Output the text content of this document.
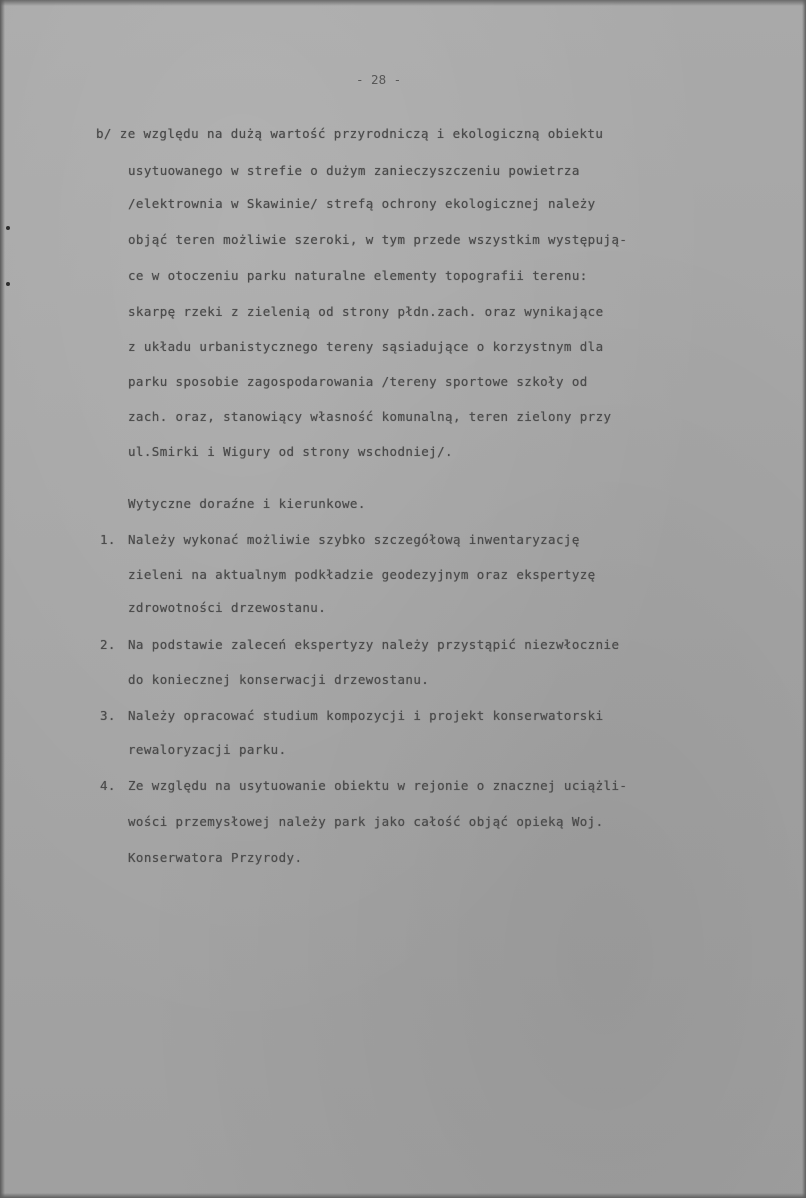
- 28 -
b/ ze względu na dużą wartość przyrodniczą i ekologiczną obiektu
usytuowanego w strefie o dużym zanieczyszczeniu powietrza
/elektrownia w Skawinie/ strefą ochrony ekologicznej należy
objąć teren możliwie szeroki, w tym przede wszystkim występują-
ce w otoczeniu parku naturalne elementy topografii terenu:
skarpę rzeki z zielenią od strony płdn.zach. oraz wynikające
z układu urbanistycznego tereny sąsiadujące o korzystnym dla
parku sposobie zagospodarowania /tereny sportowe szkoły od
zach. oraz, stanowiący własność komunalną, teren zielony przy
ul.Smirki i Wigury od strony wschodniej/.
Wytyczne doraźne i kierunkowe.
1. Należy wykonać możliwie szybko szczegółową inwentaryzację
zieleni na aktualnym podkładzie geodezyjnym oraz ekspertyzę
zdrowotności drzewostanu.
2. Na podstawie zaleceń ekspertyzy należy przystąpić niezwłocznie
do koniecznej konserwacji drzewostanu.
3. Należy opracować studium kompozycji i projekt konserwatorski
rewaloryzacji parku.
4. Ze względu na usytuowanie obiektu w rejonie o znacznej uciążli-
wości przemysłowej należy park jako całość objąć opieką Woj.
Konserwatora Przyrody.
